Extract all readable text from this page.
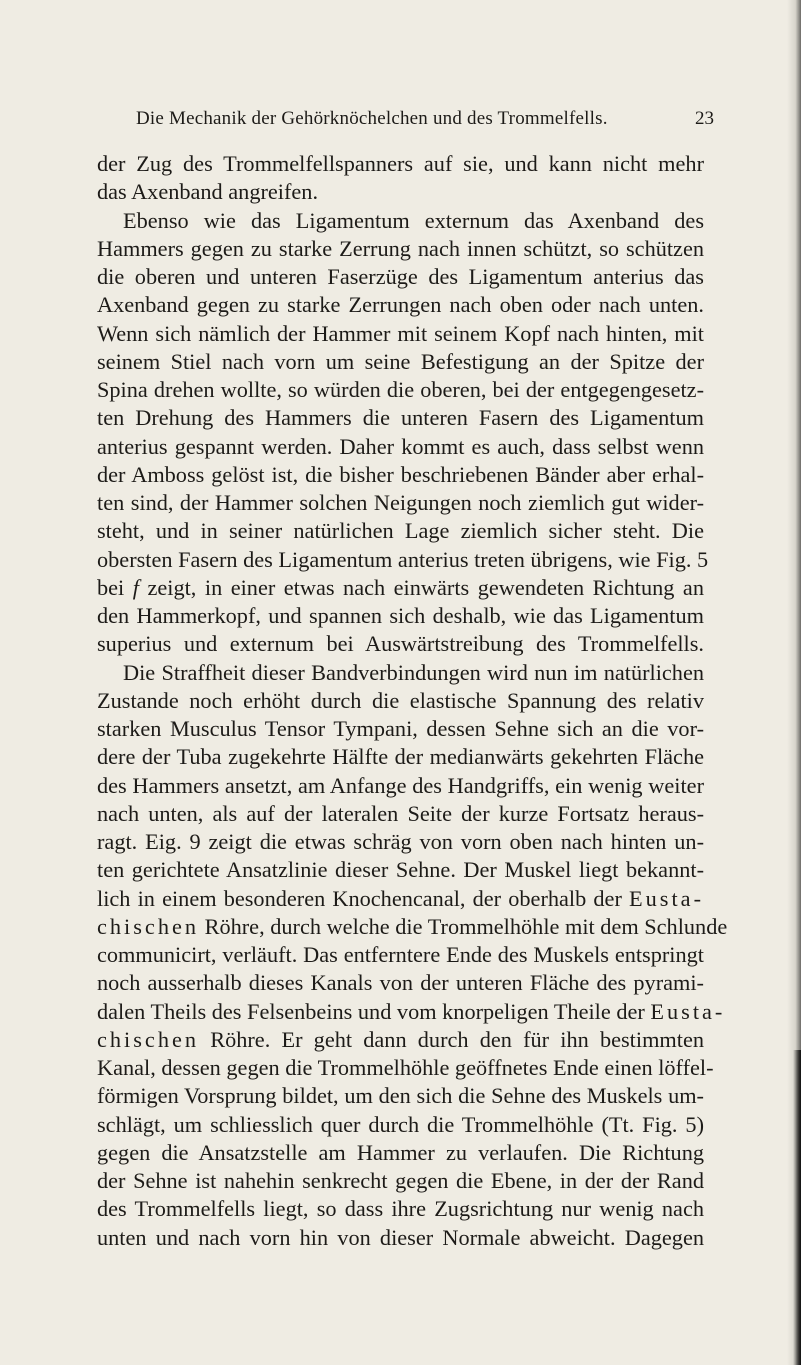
Die Mechanik der Gehörknöchelchen und des Trommelfells.	23
der Zug des Trommelfellspanners auf sie, und kann nicht mehr
das Axenband angreifen.
Ebenso wie das Ligamentum externum das Axenband des
Hammers gegen zu starke Zerrung nach innen schützt, so schützen
die oberen und unteren Faserzüge des Ligamentum anterius das
Axenband gegen zu starke Zerrungen nach oben oder nach unten.
Wenn sich nämlich der Hammer mit seinem Kopf nach hinten, mit
seinem Stiel nach vorn um seine Befestigung an der Spitze der
Spina drehen wollte, so würden die oberen, bei der entgegengesetz-
ten Drehung des Hammers die unteren Fasern des Ligamentum
anterius gespannt werden. Daher kommt es auch, dass selbst wenn
der Amboss gelöst ist, die bisher beschriebenen Bänder aber erhal-
ten sind, der Hammer solchen Neigungen noch ziemlich gut wider-
steht, und in seiner natürlichen Lage ziemlich sicher steht. Die
obersten Fasern des Ligamentum anterius treten übrigens, wie Fig. 5
bei f zeigt, in einer etwas nach einwärts gewendeten Richtung an
den Hammerkopf, und spannen sich deshalb, wie das Ligamentum
superius und externum bei Auswärtstreibung des Trommelfells.
Die Straffheit dieser Bandverbindungen wird nun im natürlichen
Zustande noch erhöht durch die elastische Spannung des relativ
starken Musculus Tensor Tympani, dessen Sehne sich an die vor-
dere der Tuba zugekehrte Hälfte der medianwärts gekehrten Fläche
des Hammers ansetzt, am Anfange des Handgriffs, ein wenig weiter
nach unten, als auf der lateralen Seite der kurze Fortsatz heraus-
ragt. Eig. 9 zeigt die etwas schräg von vorn oben nach hinten un-
ten gerichtete Ansatzlinie dieser Sehne. Der Muskel liegt bekannt-
lich in einem besonderen Knochencanal, der oberhalb der Eusta-
chischen Röhre, durch welche die Trommelhöhle mit dem Schlunde
communicirt, verläuft. Das entferntere Ende des Muskels entspringt
noch ausserhalb dieses Kanals von der unteren Fläche des pyrami-
dalen Theils des Felsenbeins und vom knorpeligen Theile der Eusta-
chischen Röhre. Er geht dann durch den für ihn bestimmten
Kanal, dessen gegen die Trommelhöhle geöffnetes Ende einen löffel-
förmigen Vorsprung bildet, um den sich die Sehne des Muskels um-
schlägt, um schliesslich quer durch die Trommelhöhle (Tt. Fig. 5)
gegen die Ansatzstelle am Hammer zu verlaufen. Die Richtung
der Sehne ist nahehin senkrecht gegen die Ebene, in der der Rand
des Trommelfells liegt, so dass ihre Zugsrichtung nur wenig nach
unten und nach vorn hin von dieser Normale abweicht. Dagegen
